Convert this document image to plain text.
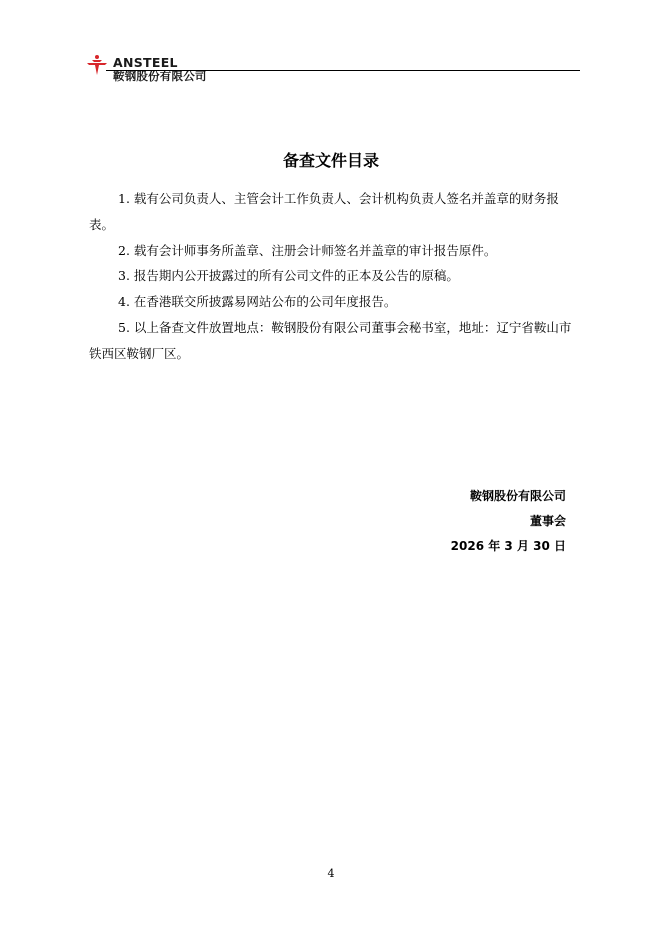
ANSTEEL
鞍钢股份有限公司
备查文件目录

1. 载有公司负责人、主管会计工作负责人、会计机构负责人签名并盖章的财务报表。

2. 载有会计师事务所盖章、注册会计师签名并盖章的审计报告原件。

3. 报告期内公开披露过的所有公司文件的正本及公告的原稿。

4. 在香港联交所披露易网站公布的公司年度报告。

5. 以上备查文件放置地点：鞍钢股份有限公司董事会秘书室，地址：辽宁省鞍山市铁西区鞍钢厂区。

鞍钢股份有限公司
董事会
2026 年 3 月 30 日
4
